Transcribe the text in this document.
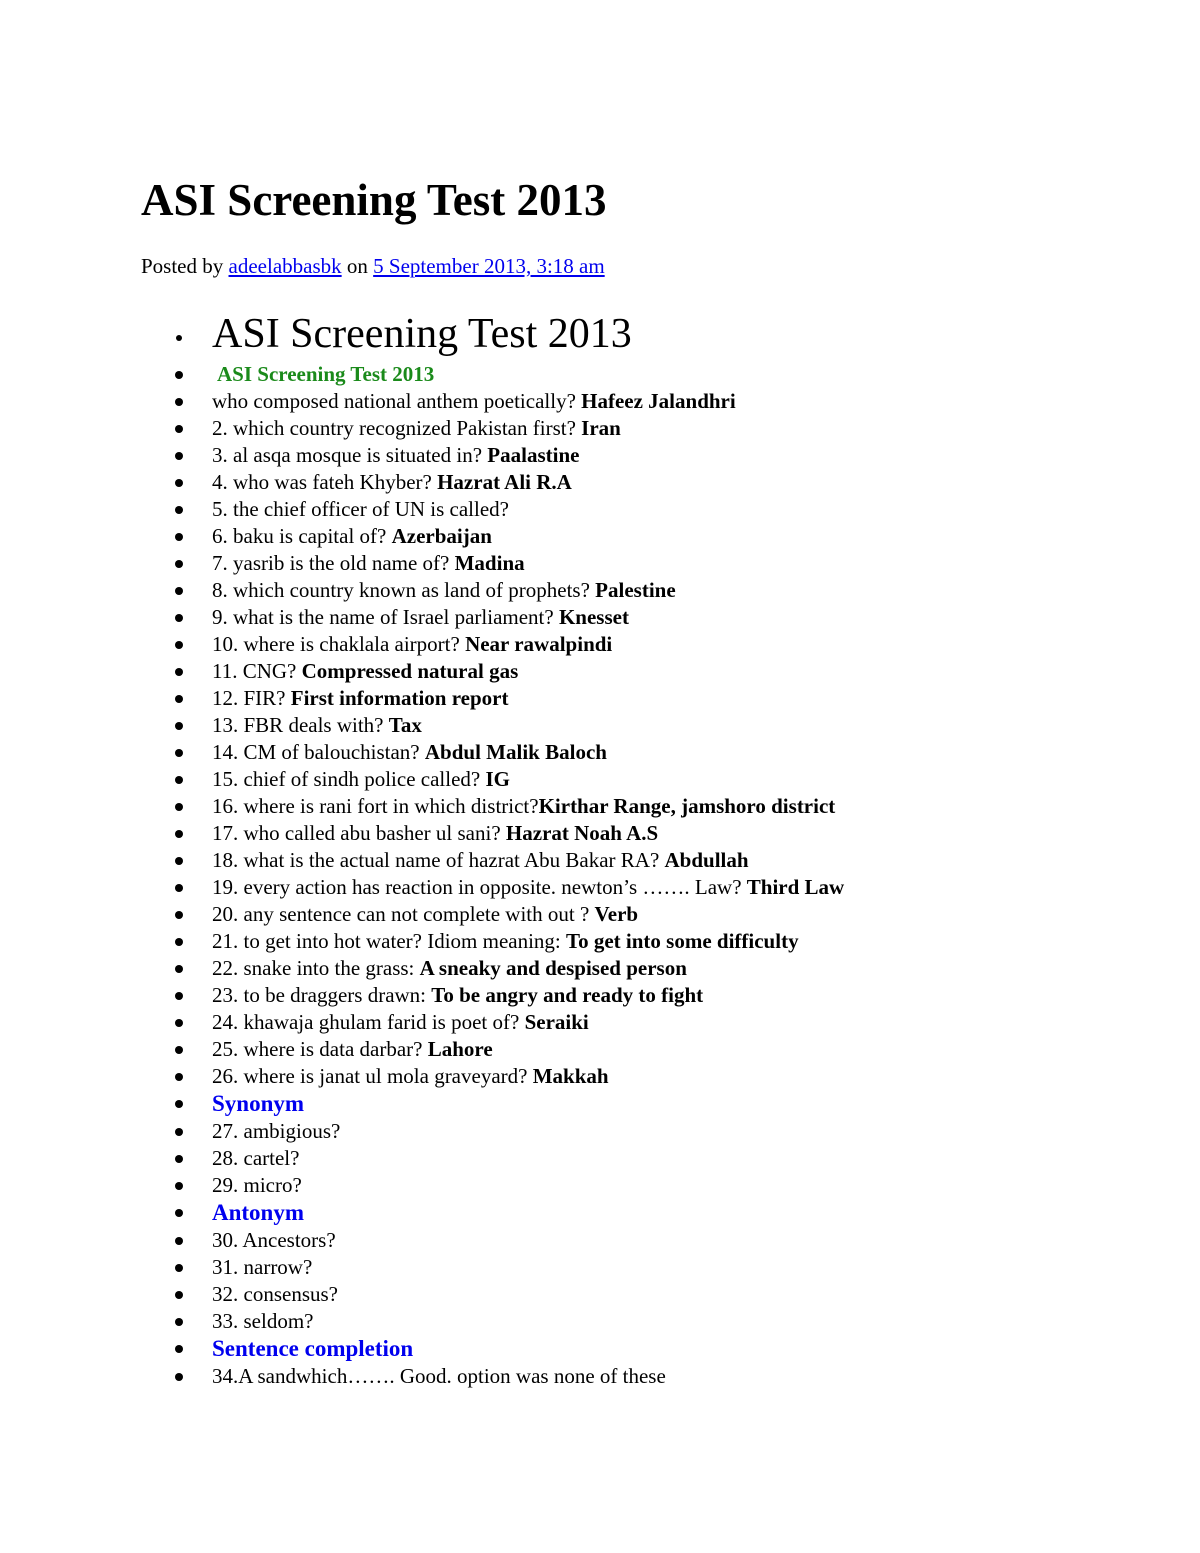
ASI Screening Test 2013
Posted by adeelabbasbk on 5 September 2013, 3:18 am
ASI Screening Test 2013
ASI Screening Test 2013
who composed national anthem poetically? Hafeez Jalandhri
2. which country recognized Pakistan first? Iran
3. al asqa mosque is situated in? Paalastine
4. who was fateh Khyber? Hazrat Ali R.A
5. the chief officer of UN is called?
6. baku is capital of? Azerbaijan
7. yasrib is the old name of? Madina
8. which country known as land of prophets? Palestine
9. what is the name of Israel parliament? Knesset
10. where is chaklala airport? Near rawalpindi
11. CNG? Compressed natural gas
12. FIR? First information report
13. FBR deals with? Tax
14. CM of balouchistan? Abdul Malik Baloch
15. chief of sindh police called? IG
16. where is rani fort in which district?Kirthar Range, jamshoro district
17. who called abu basher ul sani? Hazrat Noah A.S
18. what is the actual name of hazrat Abu Bakar RA? Abdullah
19. every action has reaction in opposite. newton’s ……. Law? Third Law
20. any sentence can not complete with out ? Verb
21. to get into hot water? Idiom meaning: To get into some difficulty
22. snake into the grass: A sneaky and despised person
23. to be draggers drawn: To be angry and ready to fight
24. khawaja ghulam farid is poet of? Seraiki
25. where is data darbar? Lahore
26. where is janat ul mola graveyard? Makkah
Synonym
27. ambigious?
28. cartel?
29. micro?
Antonym
30. Ancestors?
31. narrow?
32. consensus?
33. seldom?
Sentence completion
34.A sandwhich……. Good. option was none of these
